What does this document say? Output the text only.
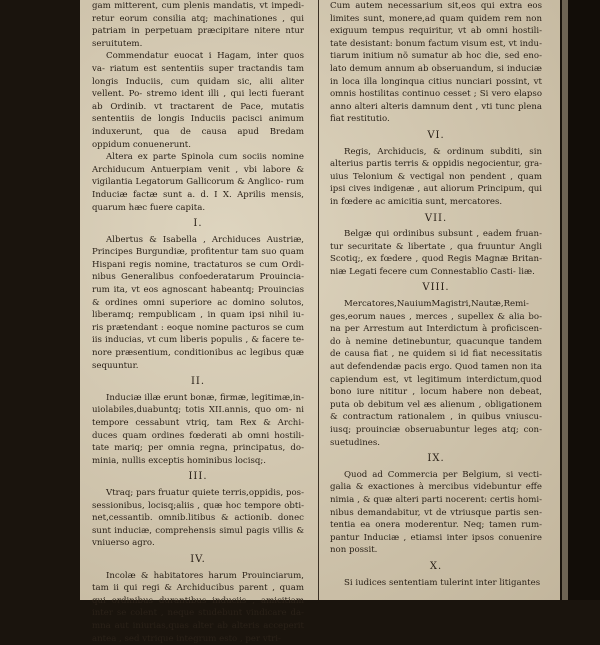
gam mitterent, cum plenis mandatis, vt impedi- retur eorum consilia atq; machinationes , qui patriam in perpetuam præcipitare nitere ntur seruitutem.

Commendatur euocat i Hagam, inter quos va- riatum est sententiis super tractandis tam longis Induciis, cum quidam sic, alii aliter vellent. Po- stremo ident illi , qui lecti fuerant ab Ordinib. vt tractarent de Pace, mutatis sententiis de longis Induciis pacisci animum induxerunt, qua de causa apud Bredam oppidum conuenerunt.

Altera ex parte Spinola cum sociis nomine Archiducum Antuerpiam venit , vbi labore & vigilantia Legatorum Gallicorum & Anglico- rum Induciæ factæ sunt a. d. I X. Aprilis mensis, quarum hæc fuere capita.

I.

Albertus & Isabella , Archiduces Austriæ, Principes Burgundiæ, profitentur tam suo quam Hispani regis nomine, tractaturos se cum Ordi- nibus Generalibus confoederatarum Prouincia- rum ita, vt eos agnoscant habeantq; Prouincias & ordines omni superiore ac domino solutos, liberamq; rempublicam , in quam ipsi nihil iu- ris prætendant : eoque nomine pacturos se cum iis inducias, vt cum liberis populis , & facere te- nore præsentium, conditionibus ac legibus quæ sequuntur.

II.

Induciæ illæ erunt bonæ, firmæ, legitimæ,in- uiolabiles,duabuntq; totis XII.annis, quo om- ni tempore cessabunt vtriq, tam Rex & Archi- duces quam ordines fœderati ab omni hostili- tate mariq; per omnia regna, principatus, do- minia, nullis exceptis hominibus locisq;.

III.

Vtraq; pars fruatur quiete terris,oppidis, pos- sessionibus, locisq;aliis , quæ hoc tempore obti- net,cessantib. omnib.litibus & actionib. donec sunt induciæ, comprehensis simul pagis villis & vniuerso agro.

IV.

Incolæ & habitatores harum Prouinciarum, tam ii qui regi & Archiducibus parent , quam qui ordinibus durantibus induciis , amicitiam inter se colent , neque studebunt vindicare da- mna aut iniurias,quas alter ab alteris acceperit antea , sed vtrique integrum esto , per vtri-

Cum autem necessarium sit,eos qui extra eos limites sunt, monere,ad quam quidem rem non exiguum tempus requiritur, vt ab omni hostili- tate desistant: bonum factum visum est, vt indu- tiarum initium nõ sumatur ab hoc die, sed eno- lato demum annum ab obseruandum, si induciæ in loca illa longinqua citius nunciari possint, vt omnis hostilitas continuo cesset ; Si vero elapso anno alteri alteris damnum dent , vti tunc plena fiat restitutio.

VI.

Regis, Archiducis, & ordinum subditi, sin alterius partis terris & oppidis negocientur, gra- uius Telonium & vectigal non pendent , quam ipsi cives indigenæ , aut aliorum Principum, qui in fœdere ac amicitia sunt, mercatores.

VII.

Belgæ qui ordinibus subsunt , eadem fruan- tur securitate & libertate , qua fruuntur Angli Scotiq;, ex fœdere , quod Regis Magnæ Britan- niæ Legati fecere cum Connestablio Casti- liæ.

VIII.

Mercatores,NauiumMagistri,Nautæ,Remi- ges,eorum naues , merces , supellex & alia bo- na per Arrestum aut Interdictum à proficiscen- do à nemine detinebuntur, quacunque tandem de causa fiat , ne quidem si id fiat necessitatis aut defendendæ pacis ergo. Quod tamen non ita capiendum est, vt legitimum interdictum,quod bono iure nititur , locum habere non debeat, puta ob debitum vel æs alienum , obligationem & contractum rationalem , in quibus vniuscu- iusq; prouinciæ obseruabuntur leges atq; con- suetudines.

IX.

Quod ad Commercia per Belgium, si vecti- galia & exactiones à mercibus videbuntur effe nimia , & quæ alteri parti nocerent: certis homi- nibus demandabitur, vt de vtriusque partis sen- tentia ea onera moderentur. Neq; tamen rum- pantur Induciæ , etiamsi inter ipsos conuenire non possit.

X.

Si iudices sententiam tulerint inter litigantes
